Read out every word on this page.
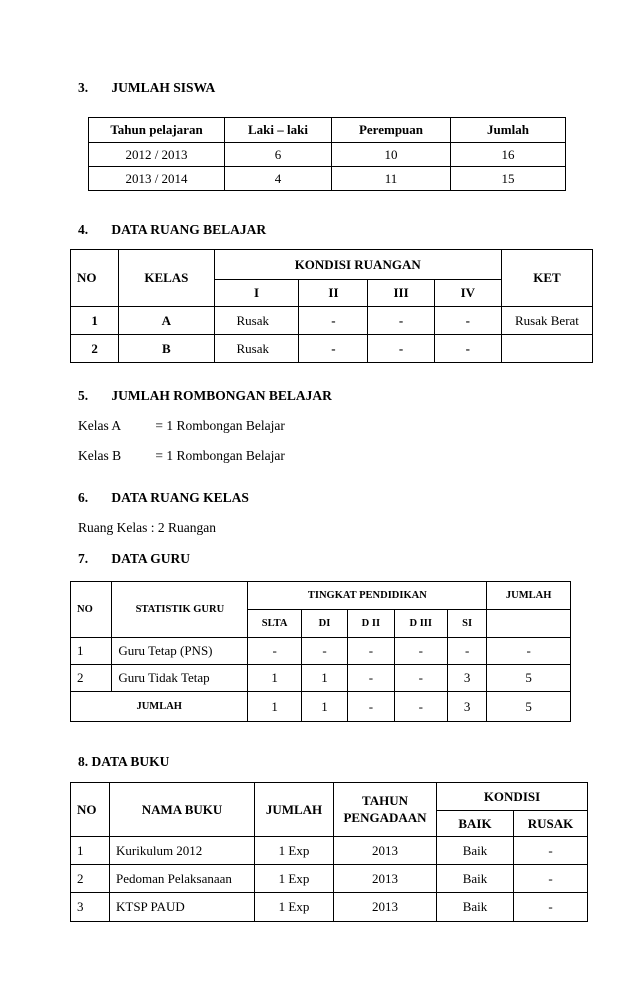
3. JUMLAH SISWA
Tahun pelajaran	Laki – laki	Perempuan	Jumlah
2012 / 2013	6	10	16
2013 / 2014	4	11	15
4. DATA RUANG BELAJAR
NO	KELAS	KONDISI RUANGAN				KET
		I	II	III	IV	
1	A	Rusak	-	-	-	Rusak Berat
2	B	Rusak	-	-	-	
5. JUMLAH ROMBONGAN BELAJAR
Kelas A	= 1 Rombongan Belajar
Kelas B	= 1 Rombongan Belajar
6. DATA RUANG KELAS
Ruang Kelas : 2 Ruangan
7. DATA GURU
NO	STATISTIK GURU	TINGKAT PENDIDIKAN					JUMLAH
		SLTA	DI	D II	D III	SI	
1	Guru Tetap (PNS)	-	-	-	-	-	-
2	Guru Tidak Tetap	1	1	-	-	3	5
JUMLAH		1	1	-	-	3	5
8. DATA BUKU
NO	NAMA BUKU	JUMLAH	TAHUN PENGADAAN	KONDISI	
				BAIK	RUSAK
1	Kurikulum 2012	1 Exp	2013	Baik	-
2	Pedoman Pelaksanaan	1 Exp	2013	Baik	-
3	KTSP PAUD	1 Exp	2013	Baik	-
